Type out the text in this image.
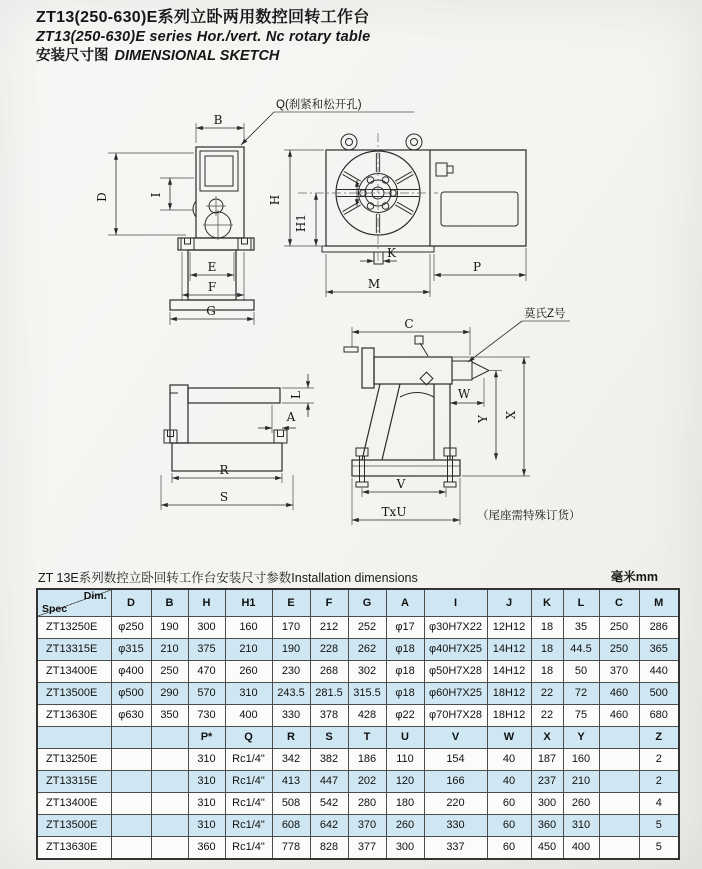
ZT13(250-630)E系列立卧两用数控回转工作台
ZT13(250-630)E series Hor./vert. Nc rotary table
安装尺寸图 DIMENSIONAL SKETCH
B
D	I
Q(刹紧和松开孔)
E
F
G
K
H
H1
M
P
L
A
R
S
C
莫氏Z号
W
Y X
V
TxU	（尾座需特殊订货）
ZT 13E系列数控立卧回转工作台安装尺寸参数Installation dimensions	毫米mm
Dim.
Spec	D	B	H	H1	E	F	G	A	I	J	K	L	C	M
ZT13250E	φ250	190	300	160	170	212	252	φ17	φ30H7X22	12H12	18	35	250	286
ZT13315E	φ315	210	375	210	190	228	262	φ18	φ40H7X25	14H12	18	44.5	250	365
ZT13400E	φ400	250	470	260	230	268	302	φ18	φ50H7X28	14H12	18	50	370	440
ZT13500E	φ500	290	570	310	243.5	281.5	315.5	φ18	φ60H7X25	18H12	22	72	460	500
ZT13630E	φ630	350	730	400	330	378	428	φ22	φ70H7X28	18H12	22	75	460	680
			P*	Q	R	S	T	U	V	W	X	Y		Z
ZT13250E			310	Rc1/4"	342	382	186	110	154	40	187	160		2
ZT13315E			310	Rc1/4"	413	447	202	120	166	40	237	210		2
ZT13400E			310	Rc1/4"	508	542	280	180	220	60	300	260		4
ZT13500E			310	Rc1/4"	608	642	370	260	330	60	360	310		5
ZT13630E			360	Rc1/4"	778	828	377	300	337	60	450	400		5
